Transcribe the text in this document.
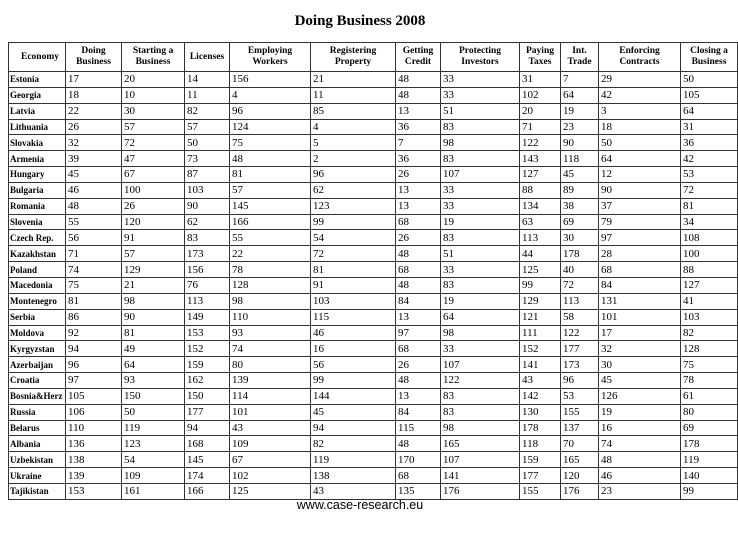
Doing Business 2008
Economy	Doing Business	Starting a Business	Licenses	Employing Workers	Registering Property	Getting Credit	Protecting Investors	Paying Taxes	Int. Trade	Enforcing Contracts	Closing a Business
Estonia	17	20	14	156	21	48	33	31	7	29	50
Georgia	18	10	11	4	11	48	33	102	64	42	105
Latvia	22	30	82	96	85	13	51	20	19	3	64
Lithuania	26	57	57	124	4	36	83	71	23	18	31
Slovakia	32	72	50	75	5	7	98	122	90	50	36
Armenia	39	47	73	48	2	36	83	143	118	64	42
Hungary	45	67	87	81	96	26	107	127	45	12	53
Bulgaria	46	100	103	57	62	13	33	88	89	90	72
Romania	48	26	90	145	123	13	33	134	38	37	81
Slovenia	55	120	62	166	99	68	19	63	69	79	34
Czech Rep.	56	91	83	55	54	26	83	113	30	97	108
Kazakhstan	71	57	173	22	72	48	51	44	178	28	100
Poland	74	129	156	78	81	68	33	125	40	68	88
Macedonia	75	21	76	128	91	48	83	99	72	84	127
Montenegro	81	98	113	98	103	84	19	129	113	131	41
Serbia	86	90	149	110	115	13	64	121	58	101	103
Moldova	92	81	153	93	46	97	98	111	122	17	82
Kyrgyzstan	94	49	152	74	16	68	33	152	177	32	128
Azerbaijan	96	64	159	80	56	26	107	141	173	30	75
Croatia	97	93	162	139	99	48	122	43	96	45	78
Bosnia&Herz	105	150	150	114	144	13	83	142	53	126	61
Russia	106	50	177	101	45	84	83	130	155	19	80
Belarus	110	119	94	43	94	115	98	178	137	16	69
Albania	136	123	168	109	82	48	165	118	70	74	178
Uzbekistan	138	54	145	67	119	170	107	159	165	48	119
Ukraine	139	109	174	102	138	68	141	177	120	46	140
Tajikistan	153	161	166	125	43	135	176	155	176	23	99
www.case-research.eu
